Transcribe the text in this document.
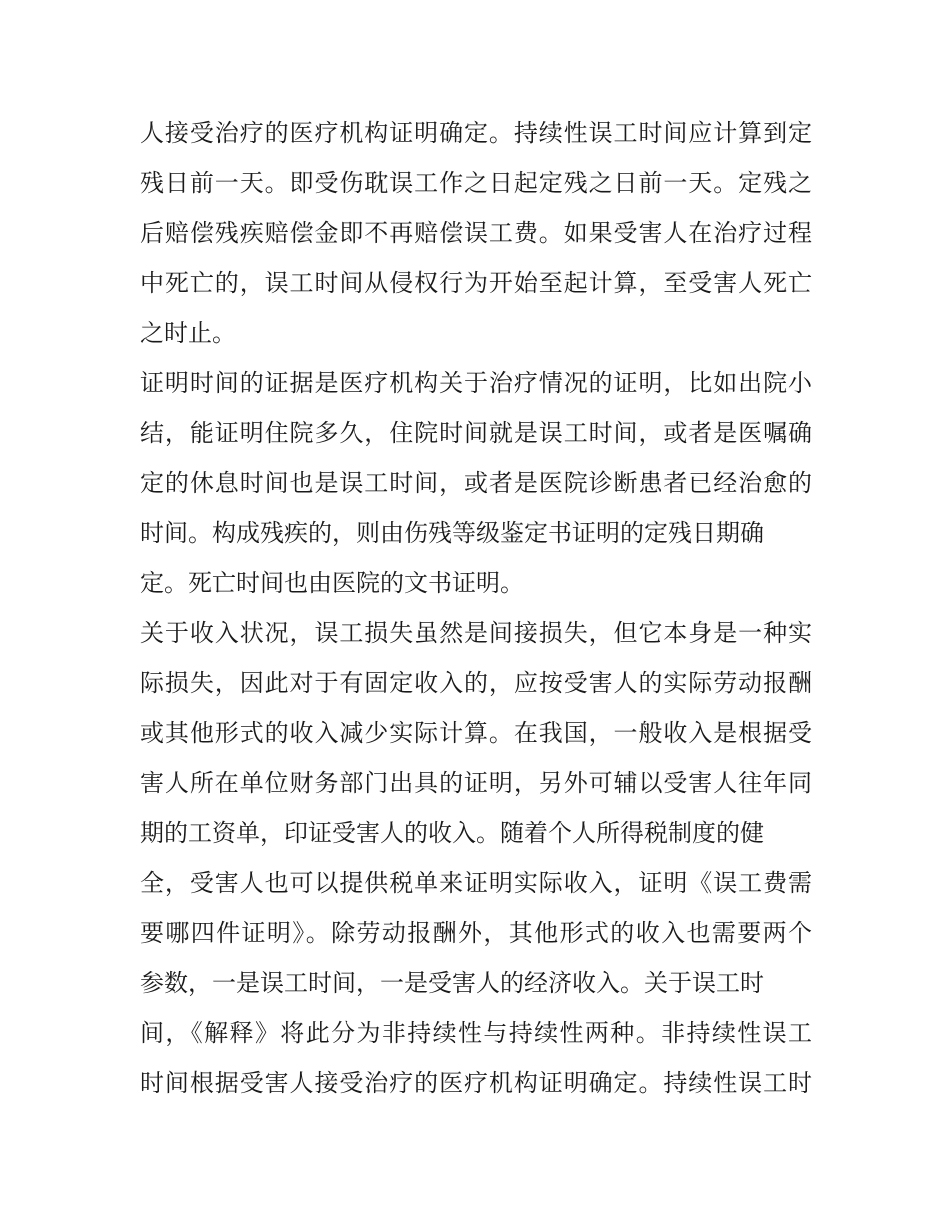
人接受治疗的医疗机构证明确定。持续性误工时间应计算到定
残日前一天。即受伤耽误工作之日起定残之日前一天。定残之
后赔偿残疾赔偿金即不再赔偿误工费。如果受害人在治疗过程
中死亡的，误工时间从侵权行为开始至起计算，至受害人死亡
之时止。

证明时间的证据是医疗机构关于治疗情况的证明，比如出院小
结，能证明住院多久，住院时间就是误工时间，或者是医嘱确
定的休息时间也是误工时间，或者是医院诊断患者已经治愈的
时间。构成残疾的，则由伤残等级鉴定书证明的定残日期确
定。死亡时间也由医院的文书证明。

关于收入状况，误工损失虽然是间接损失，但它本身是一种实
际损失，因此对于有固定收入的，应按受害人的实际劳动报酬
或其他形式的收入减少实际计算。在我国，一般收入是根据受
害人所在单位财务部门出具的证明，另外可辅以受害人往年同
期的工资单，印证受害人的收入。随着个人所得税制度的健
全，受害人也可以提供税单来证明实际收入，证明《误工费需
要哪四件证明》。除劳动报酬外，其他形式的收入也需要两个
参数，一是误工时间，一是受害人的经济收入。关于误工时
间，《解释》将此分为非持续性与持续性两种。非持续性误工
时间根据受害人接受治疗的医疗机构证明确定。持续性误工时
